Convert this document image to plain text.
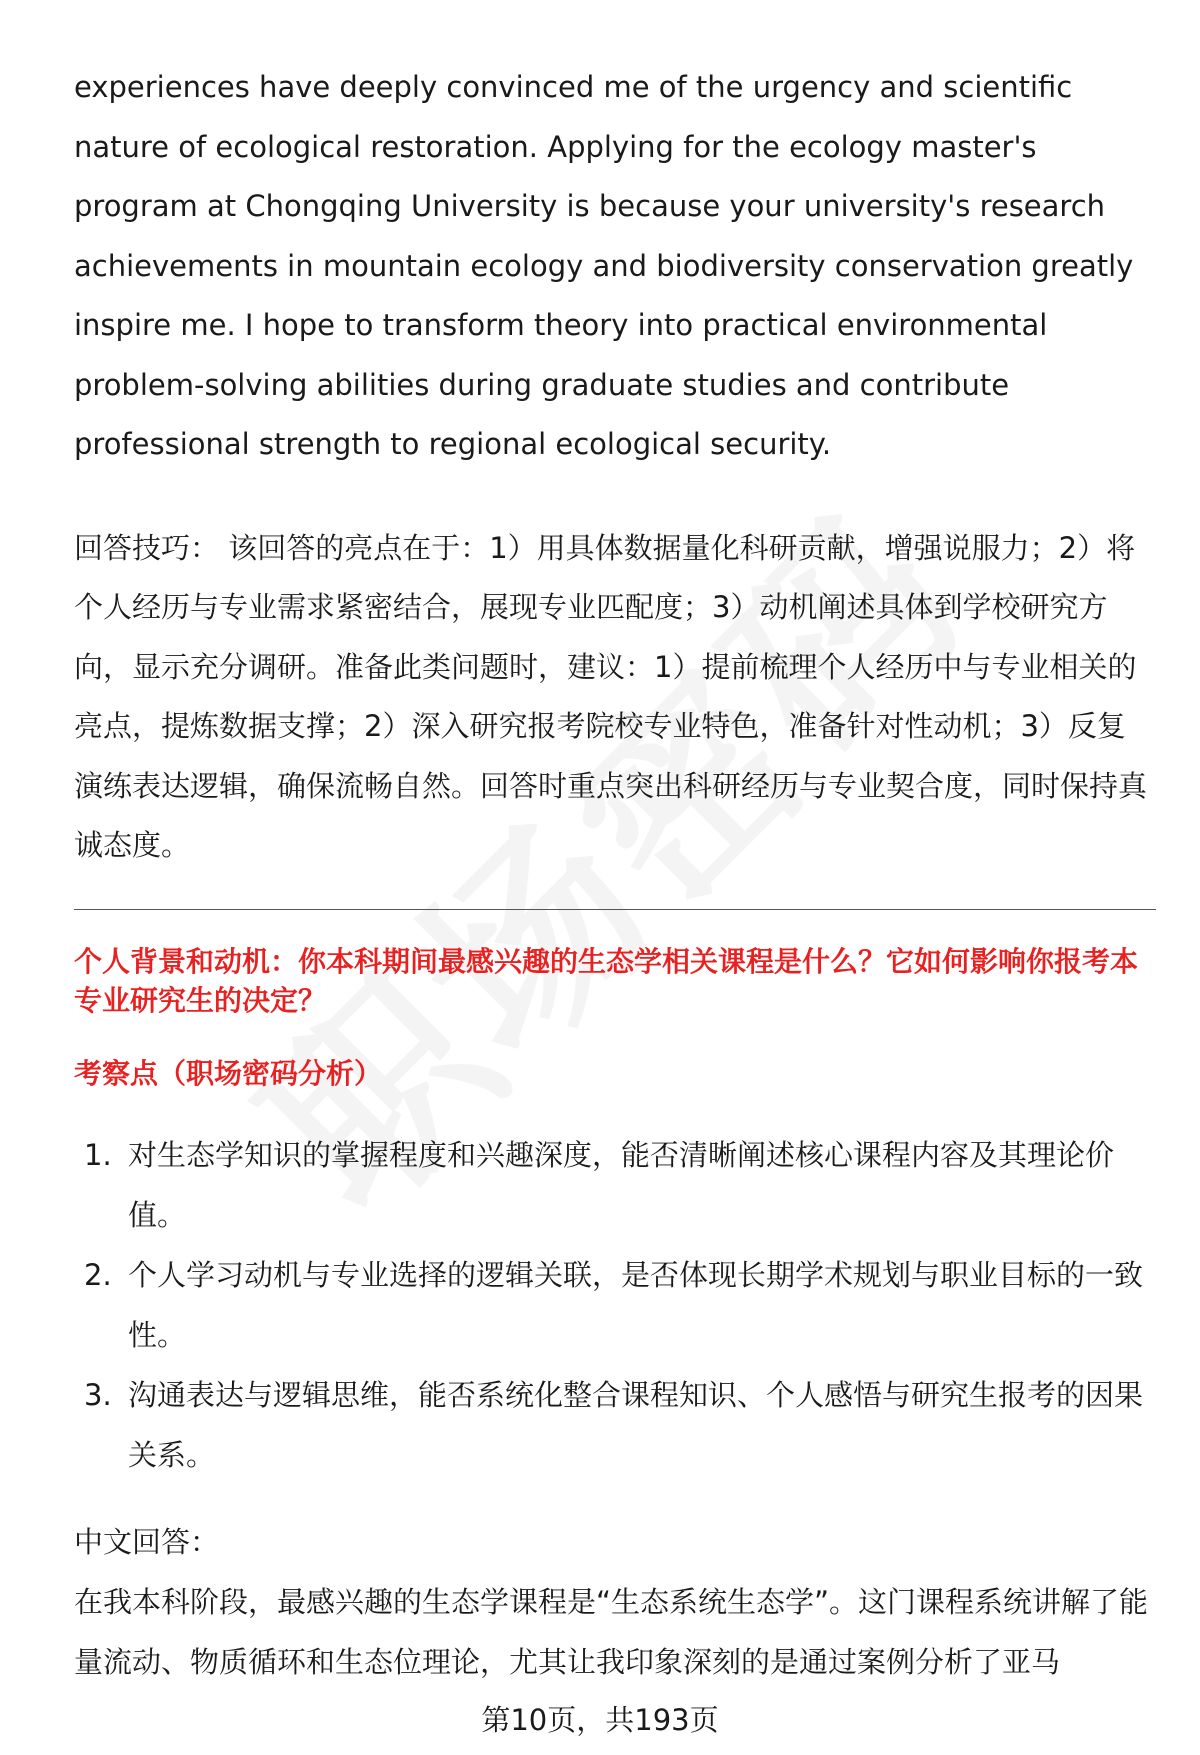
experiences have deeply convinced me of the urgency and scientific nature of ecological restoration. Applying for the ecology master's program at Chongqing University is because your university's research achievements in mountain ecology and biodiversity conservation greatly inspire me. I hope to transform theory into practical environmental problem-solving abilities during graduate studies and contribute professional strength to regional ecological security.

回答技巧： 该回答的亮点在于：1）用具体数据量化科研贡献，增强说服力；2）将个人经历与专业需求紧密结合，展现专业匹配度；3）动机阐述具体到学校研究方向，显示充分调研。准备此类问题时，建议：1）提前梳理个人经历中与专业相关的亮点，提炼数据支撑；2）深入研究报考院校专业特色，准备针对性动机；3）反复演练表达逻辑，确保流畅自然。回答时重点突出科研经历与专业契合度，同时保持真诚态度。

个人背景和动机：你本科期间最感兴趣的生态学相关课程是什么？它如何影响你报考本专业研究生的决定？

考察点（职场密码分析）

1. 对生态学知识的掌握程度和兴趣深度，能否清晰阐述核心课程内容及其理论价值。
2. 个人学习动机与专业选择的逻辑关联，是否体现长期学术规划与职业目标的一致性。
3. 沟通表达与逻辑思维，能否系统化整合课程知识、个人感悟与研究生报考的因果关系。

中文回答：

在我本科阶段，最感兴趣的生态学课程是“生态系统生态学”。这门课程系统讲解了能量流动、物质循环和生态位理论，尤其让我印象深刻的是通过案例分析了亚马

第10页，共193页
